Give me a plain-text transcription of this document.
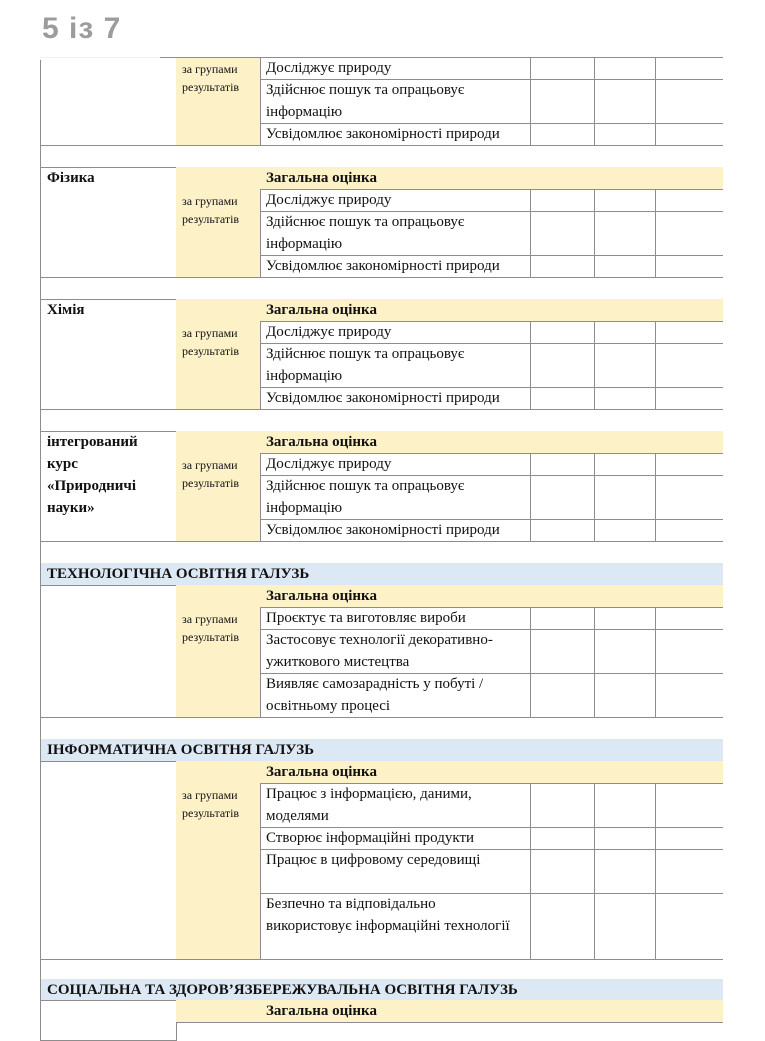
за групами результатів
Досліджує природу
Здійснює пошук та опрацьовує інформацію
Усвідомлює закономірності природи
Фізика	Загальна оцінка
за групами результатів
Досліджує природу
Здійснює пошук та опрацьовує інформацію
Усвідомлює закономірності природи
Хімія	Загальна оцінка
за групами результатів
Досліджує природу
Здійснює пошук та опрацьовує інформацію
Усвідомлює закономірності природи
інтегрований курс «Природничі науки»
Загальна оцінка
за групами результатів
Досліджує природу
Здійснює пошук та опрацьовує інформацію
Усвідомлює закономірності природи
ТЕХНОЛОГІЧНА ОСВІТНЯ ГАЛУЗЬ
Загальна оцінка
за групами результатів
Проєктує та виготовляє вироби
Застосовує технології декоративно-ужиткового мистецтва
Виявляє самозарадність у побуті / освітньому процесі
ІНФОРМАТИЧНА ОСВІТНЯ ГАЛУЗЬ
Загальна оцінка
за групами результатів
Працює з інформацією, даними, моделями
Створює інформаційні продукти
Працює в цифровому середовищі
Безпечно та відповідально використовує інформаційні технології
СОЦІАЛЬНА ТА ЗДОРОВ’ЯЗБЕРЕЖУВАЛЬНА ОСВІТНЯ ГАЛУЗЬ
Загальна оцінка
5 із 7
